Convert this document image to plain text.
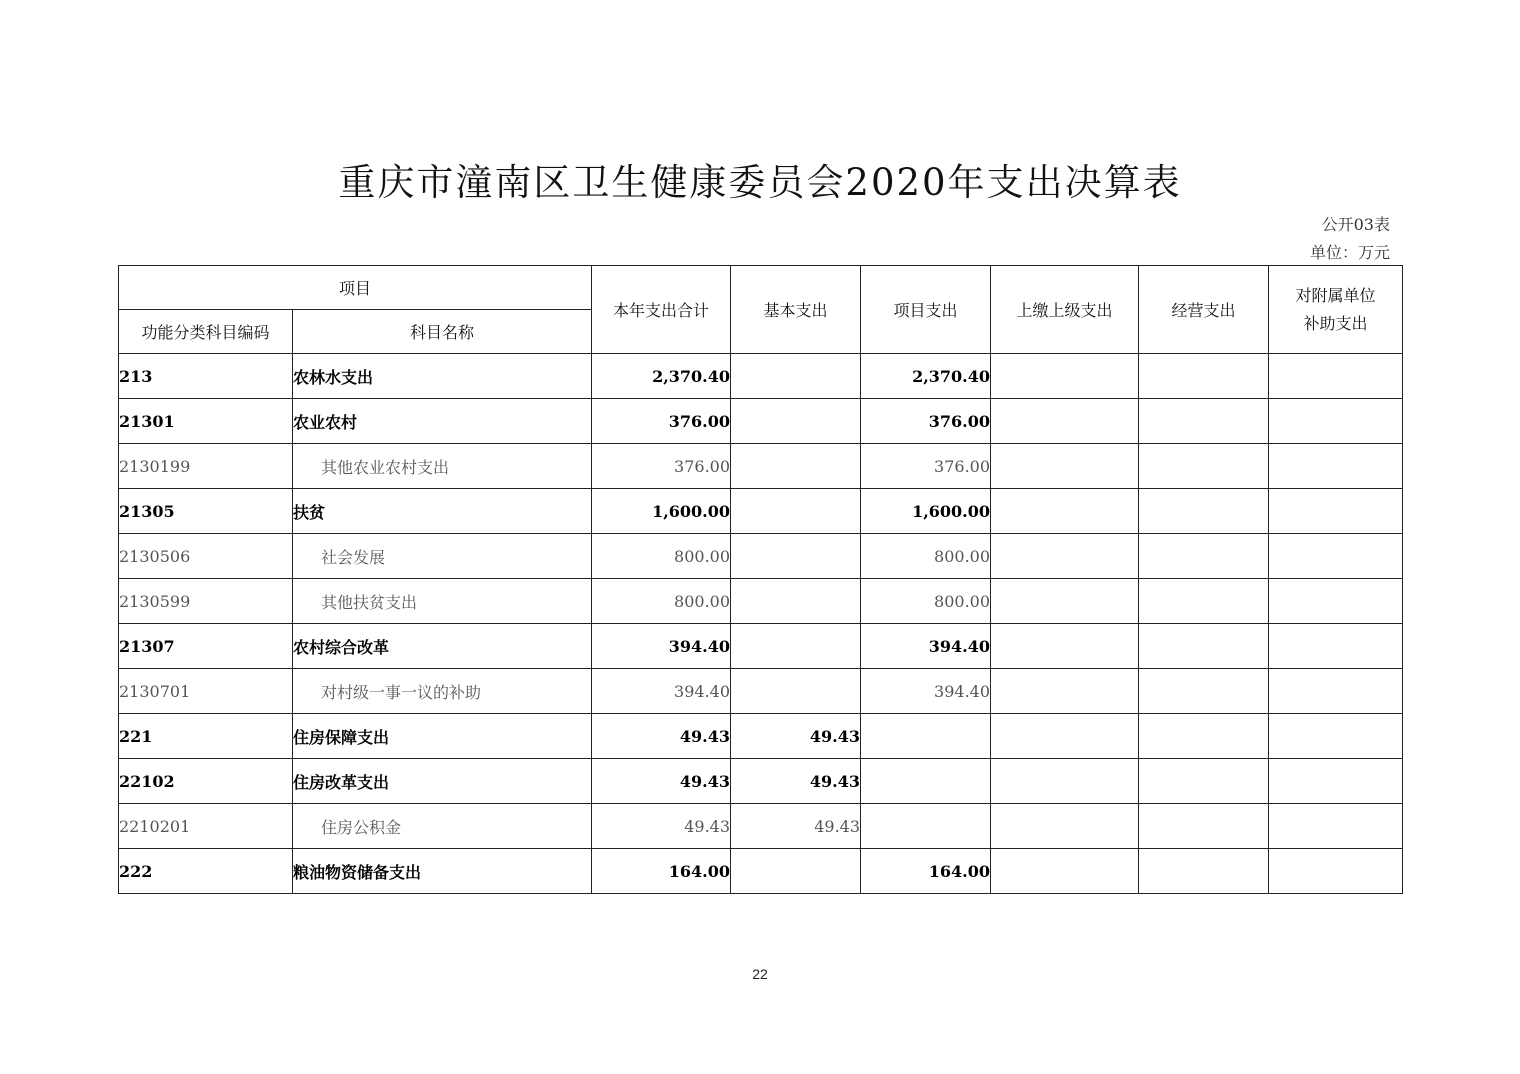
重庆市潼南区卫生健康委员会2020年支出决算表
公开03表
单位：万元
项目		本年支出合计	基本支出	项目支出	上缴上级支出	经营支出	对附属单位
补助支出

功能分类科目编码	科目名称						
213	农林水支出	2,370.40		2,370.40			
21301	农业农村	376.00		376.00			
2130199	其他农业农村支出	376.00		376.00			
21305	扶贫	1,600.00		1,600.00			
2130506	社会发展	800.00		800.00			
2130599	其他扶贫支出	800.00		800.00			
21307	农村综合改革	394.40		394.40			
2130701	对村级一事一议的补助	394.40		394.40			
221	住房保障支出	49.43	49.43				
22102	住房改革支出	49.43	49.43				
2210201	住房公积金	49.43	49.43				
222	粮油物资储备支出	164.00		164.00			
22
